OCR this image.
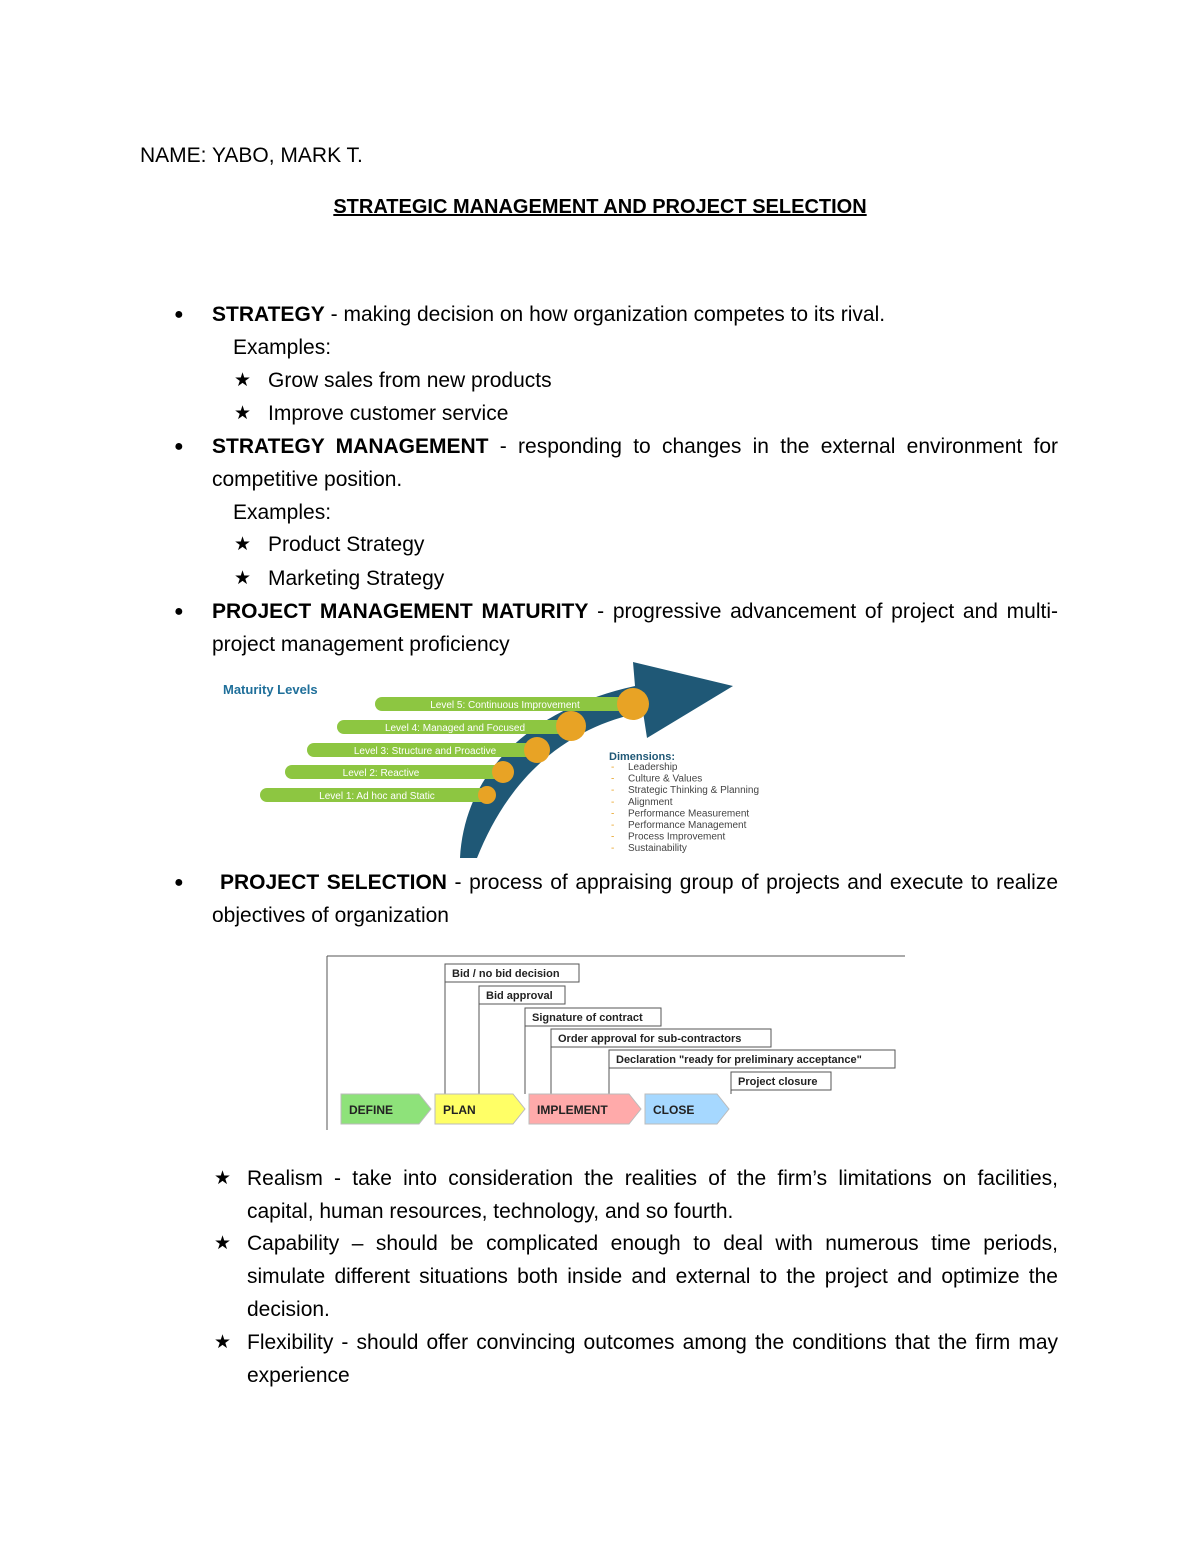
NAME: YABO, MARK T.
STRATEGIC MANAGEMENT AND PROJECT SELECTION
● STRATEGY - making decision on how organization competes to its rival.
Examples:
★ Grow sales from new products
★ Improve customer service
● STRATEGY MANAGEMENT - responding to changes in the external environment for competitive position.
Examples:
★ Product Strategy
★ Marketing Strategy
● PROJECT MANAGEMENT MATURITY - progressive advancement of project and multi-project management proficiency
Maturity Levels
Level 5: Continuous Improvement
Level 4: Managed and Focused
Level 3: Structure and Proactive
Level 2: Reactive
Level 1: Ad hoc and Static
Dimensions:
- Leadership
- Culture & Values
- Strategic Thinking & Planning
- Alignment
- Performance Measurement
- Performance Management
- Process Improvement
- Sustainability
●	PROJECT SELECTION - process of appraising group of projects and execute to realize objectives of organization
Bid / no bid decision
Bid approval
Signature of contract
Order approval for sub-contractors
Declaration "ready for preliminary acceptance"
Project closure
DEFINE	PLAN	IMPLEMENT	CLOSE
★ Realism - take into consideration the realities of the firm’s limitations on facilities, capital, human resources, technology, and so fourth.
★ Capability – should be complicated enough to deal with numerous time periods, simulate different situations both inside and external to the project and optimize the decision.
★ Flexibility - should offer convincing outcomes among the conditions that the firm may experience
